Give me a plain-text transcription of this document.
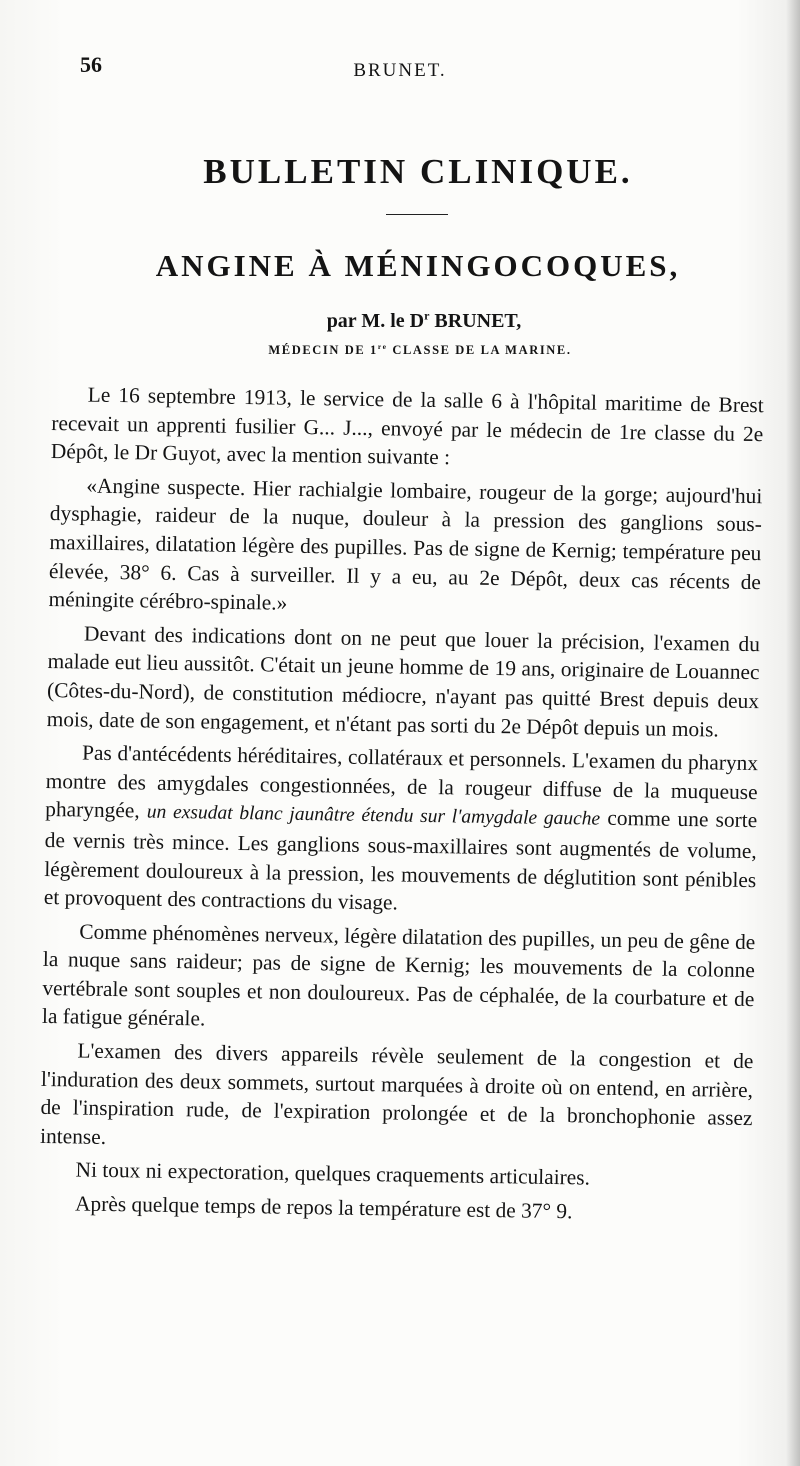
56	BRUNET.
BULLETIN CLINIQUE.
ANGINE À MÉNINGOCOQUES,
par M. le $D^r$ BRUNET,
MÉDECIN DE 1re CLASSE DE LA MARINE.

Le 16 septembre 1913, le service de la salle 6 à l'hôpital maritime de Brest recevait un apprenti fusilier G... J..., envoyé par le médecin de 1re classe du 2e Dépôt, le Dr Guyot, avec la mention suivante :

«Angine suspecte. Hier rachialgie lombaire, rougeur de la gorge; aujourd'hui dysphagie, raideur de la nuque, douleur à la pression des ganglions sous-maxillaires, dilatation légère des pupilles. Pas de signe de Kernig; température peu élevée, 38° 6. Cas à surveiller. Il y a eu, au 2e Dépôt, deux cas récents de méningite cérébro-spinale.»

Devant des indications dont on ne peut que louer la précision, l'examen du malade eut lieu aussitôt. C'était un jeune homme de 19 ans, originaire de Louannec (Côtes-du-Nord), de constitution médiocre, n'ayant pas quitté Brest depuis deux mois, date de son engagement, et n'étant pas sorti du 2e Dépôt depuis un mois.

Pas d'antécédents héréditaires, collatéraux et personnels. L'examen du pharynx montre des amygdales congestionnées, de la rougeur diffuse de la muqueuse pharyngée, un exsudat blanc jaunâtre étendu sur l'amygdale gauche comme une sorte de vernis très mince. Les ganglions sous-maxillaires sont augmentés de volume, légèrement douloureux à la pression, les mouvements de déglutition sont pénibles et provoquent des contractions du visage.

Comme phénomènes nerveux, légère dilatation des pupilles, un peu de gêne de la nuque sans raideur; pas de signe de Kernig; les mouvements de la colonne vertébrale sont souples et non douloureux. Pas de céphalée, de la courbature et de la fatigue générale.

L'examen des divers appareils révèle seulement de la congestion et de l'induration des deux sommets, surtout marquées à droite où on entend, en arrière, de l'inspiration rude, de l'expiration prolongée et de la bronchophonie assez intense.

Ni toux ni expectoration, quelques craquements articulaires.

Après quelque temps de repos la température est de 37° 9.
